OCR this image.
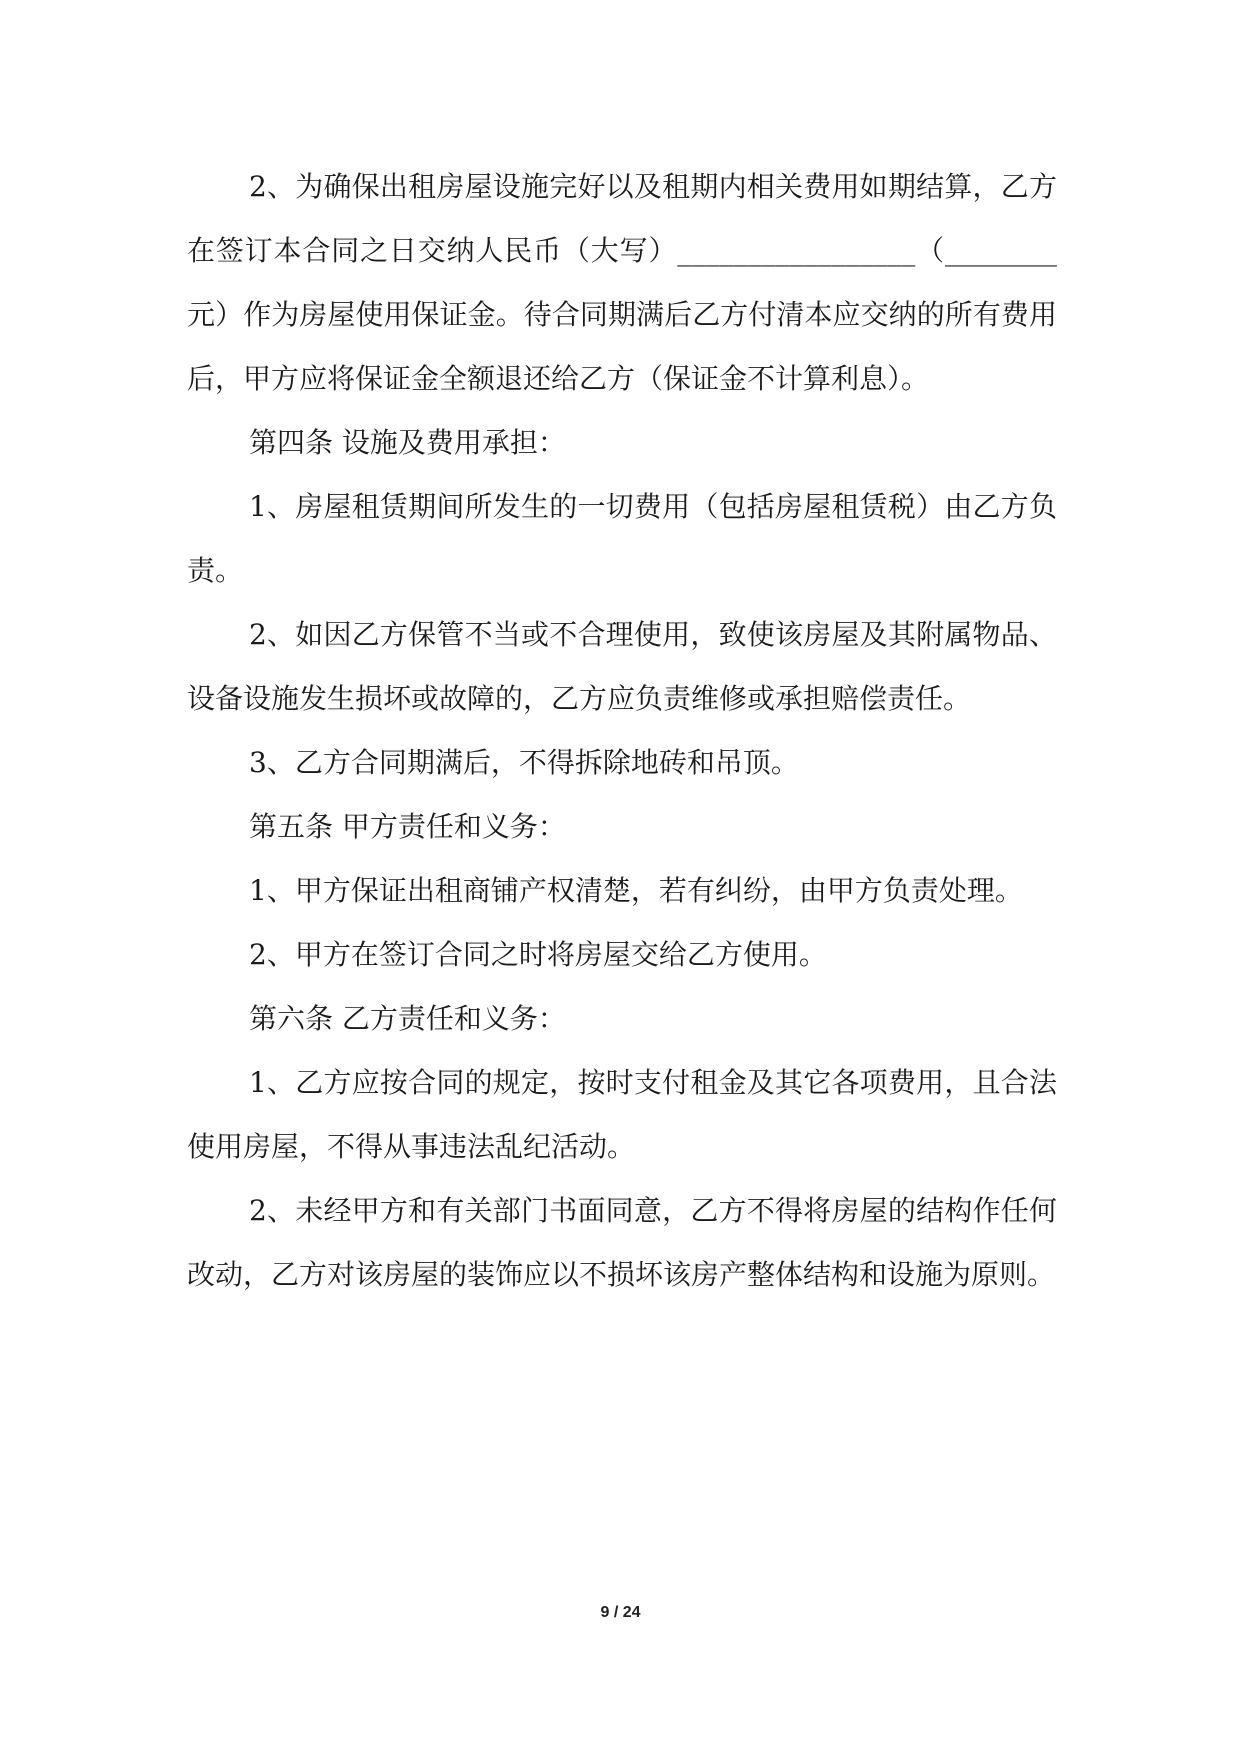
2、为确保出租房屋设施完好以及租期内相关费用如期结算，乙方在签订本合同之日交纳人民币（大写）_________________（________元）作为房屋使用保证金。待合同期满后乙方付清本应交纳的所有费用后，甲方应将保证金全额退还给乙方（保证金不计算利息）。

第四条 设施及费用承担：

1、房屋租赁期间所发生的一切费用（包括房屋租赁税）由乙方负责。

2、如因乙方保管不当或不合理使用，致使该房屋及其附属物品、设备设施发生损坏或故障的，乙方应负责维修或承担赔偿责任。

3、乙方合同期满后，不得拆除地砖和吊顶。

第五条 甲方责任和义务：

1、甲方保证出租商铺产权清楚，若有纠纷，由甲方负责处理。

2、甲方在签订合同之时将房屋交给乙方使用。

第六条 乙方责任和义务：

1、乙方应按合同的规定，按时支付租金及其它各项费用，且合法使用房屋，不得从事违法乱纪活动。

2、未经甲方和有关部门书面同意，乙方不得将房屋的结构作任何改动，乙方对该房屋的装饰应以不损坏该房产整体结构和设施为原则。

9 / 24
